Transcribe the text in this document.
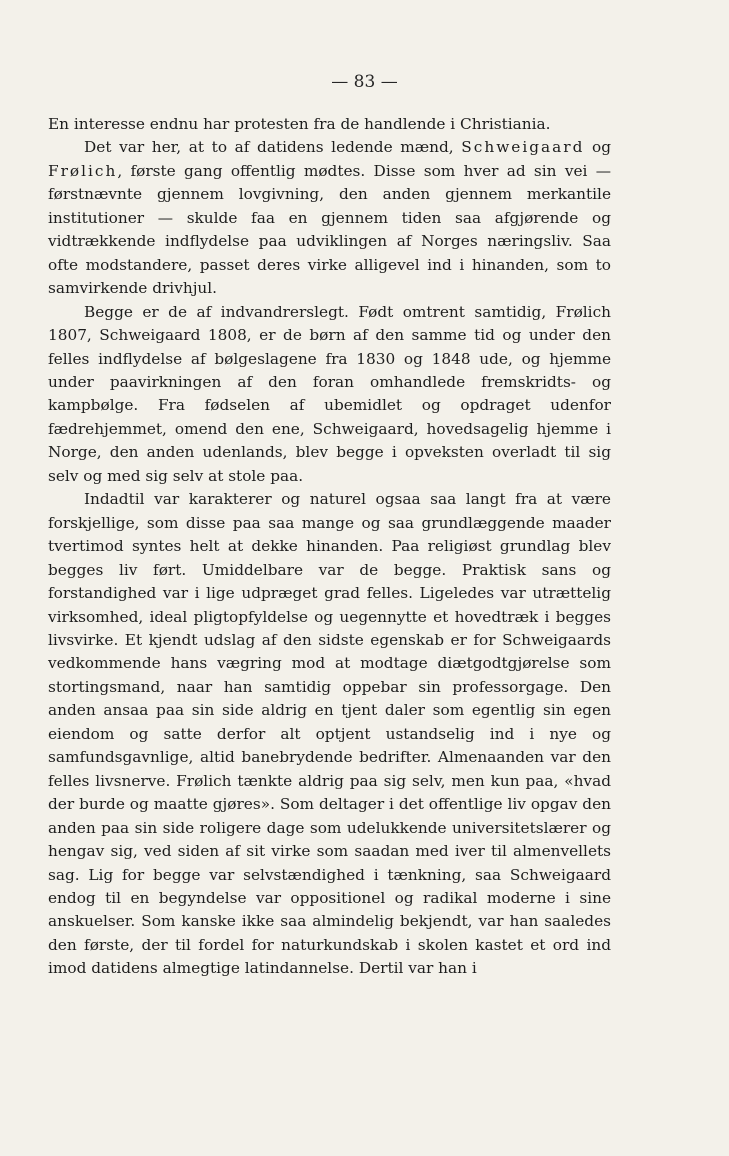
— 83 —

En interesse endnu har protesten fra de handlende i Christiania.

Det var her, at to af datidens ledende mænd, Schweigaard og Frølich, første gang offentlig mødtes. Disse som hver ad sin vei — førstnævnte gjennem lovgivning, den anden gjennem merkantile institutioner — skulde faa en gjennem tiden saa afgjørende og vidtrækkende indflydelse paa udviklingen af Norges næringsliv. Saa ofte modstandere, passet deres virke alligevel ind i hinanden, som to samvirkende drivhjul.

Begge er de af indvandrerslegt. Født omtrent samtidig, Frølich 1807, Schweigaard 1808, er de børn af den samme tid og under den felles indflydelse af bølgeslagene fra 1830 og 1848 ude, og hjemme under paavirkningen af den foran omhandlede fremskridts- og kampbølge. Fra fødselen af ubemidlet og opdraget udenfor fædrehjemmet, omend den ene, Schweigaard, hovedsagelig hjemme i Norge, den anden udenlands, blev begge i opveksten overladt til sig selv og med sig selv at stole paa.

Indadtil var karakterer og naturel ogsaa saa langt fra at være forskjellige, som disse paa saa mange og saa grundlæggende maader tvertimod syntes helt at dekke hinanden. Paa religiøst grundlag blev begges liv ført. Umiddelbare var de begge. Praktisk sans og forstandighed var i lige udpræget grad felles. Ligeledes var utrættelig virksomhed, ideal pligtopfyldelse og uegennytte et hovedtræk i begges livsvirke. Et kjendt udslag af den sidste egenskab er for Schweigaards vedkommende hans vægring mod at modtage diætgodtgjørelse som stortingsmand, naar han samtidig oppebar sin professorgage. Den anden ansaa paa sin side aldrig en tjent daler som egentlig sin egen eiendom og satte derfor alt optjent ustandselig ind i nye og samfundsgavnlige, altid banebrydende bedrifter. Almenaanden var den felles livsnerve. Frølich tænkte aldrig paa sig selv, men kun paa, «hvad der burde og maatte gjøres». Som deltager i det offentlige liv opgav den anden paa sin side roligere dage som udelukkende universitetslærer og hengav sig, ved siden af sit virke som saadan med iver til almenvellets sag. Lig for begge var selvstændighed i tænkning, saa Schweigaard endog til en begyndelse var oppositionel og radikal moderne i sine anskuelser. Som kanske ikke saa almindelig bekjendt, var han saaledes den første, der til fordel for naturkundskab i skolen kastet et ord ind imod datidens almegtige latindannelse. Dertil var han i
